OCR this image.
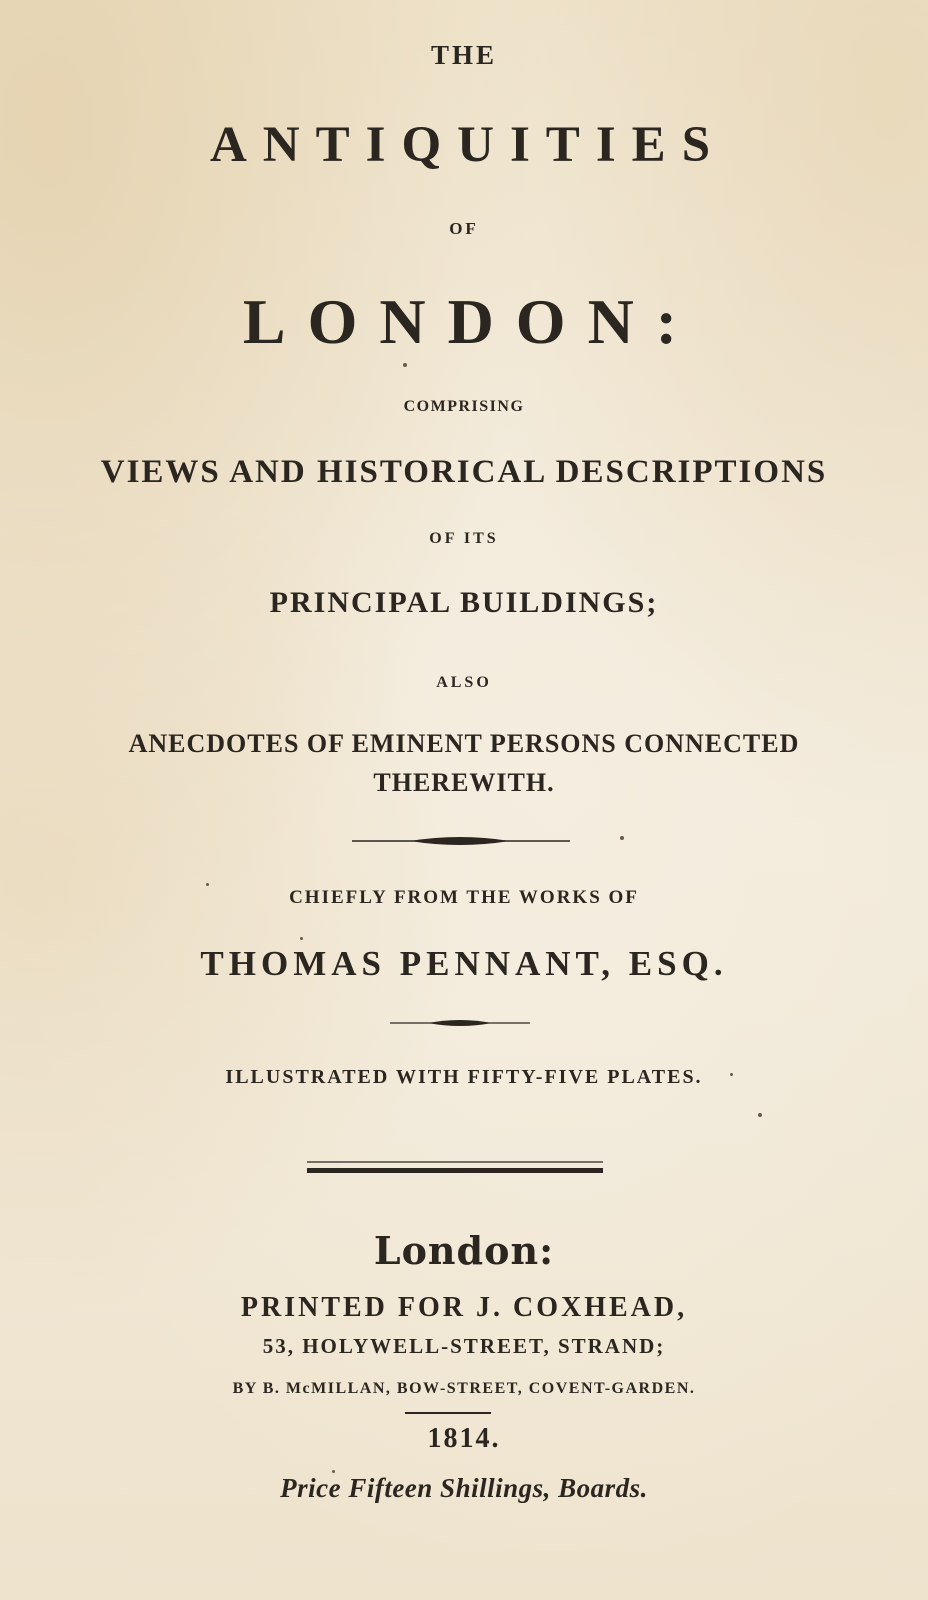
THE
ANTIQUITIES
OF
LONDON:
COMPRISING
VIEWS AND HISTORICAL DESCRIPTIONS
OF ITS
PRINCIPAL BUILDINGS;
ALSO
ANECDOTES OF EMINENT PERSONS CONNECTED
THEREWITH.
CHIEFLY FROM THE WORKS OF
THOMAS PENNANT, ESQ.
ILLUSTRATED WITH FIFTY-FIVE PLATES.
London:
PRINTED FOR J. COXHEAD,
53, HOLYWELL-STREET, STRAND;
BY B. McMILLAN, BOW-STREET, COVENT-GARDEN.
1814.
Price Fifteen Shillings, Boards.
